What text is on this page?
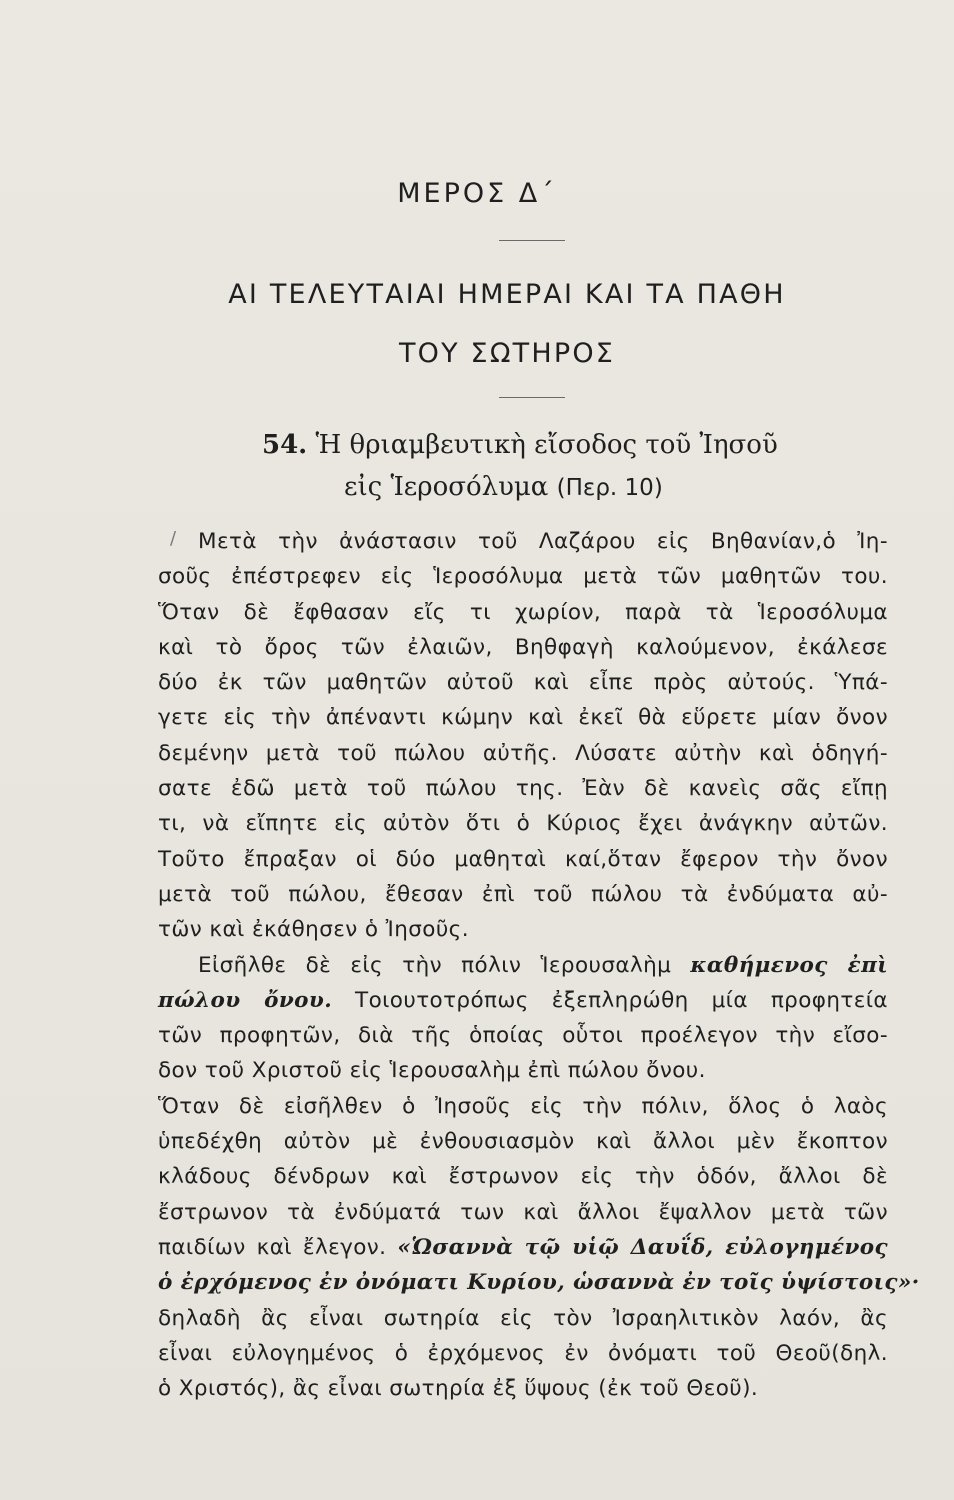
ΜΕΡΟΣ Δ΄
ΑΙ ΤΕΛΕΥΤΑΙΑΙ ΗΜΕΡΑΙ ΚΑΙ ΤΑ ΠΑΘΗ
ΤΟΥ ΣΩΤΗΡΟΣ
54. Ἡ θριαμβευτικὴ εἴσοδος τοῦ Ἰησοῦ
εἰς Ἱεροσόλυμα (Περ. 10)
/	Μετὰ τὴν ἀνάστασιν τοῦ Λαζάρου εἰς Βηθανίαν,ὁ Ἰη-
σοῦς ἐπέστρεφεν εἰς Ἱεροσόλυμα μετὰ τῶν μαθητῶν του.
Ὅταν δὲ ἔφθασαν εἴς τι χωρίον, παρὰ τὰ Ἱεροσόλυμα
καὶ τὸ ὄρος τῶν ἐλαιῶν, Βηθφαγὴ καλούμενον, ἐκάλεσε
δύο ἐκ τῶν μαθητῶν αὐτοῦ καὶ εἶπε πρὸς αὐτούς. Ὑπά-
γετε εἰς τὴν ἀπέναντι κώμην καὶ ἐκεῖ θὰ εὕρετε μίαν ὄνον
δεμένην μετὰ τοῦ πώλου αὐτῆς. Λύσατε αὐτὴν καὶ ὁδηγή-
σατε ἐδῶ μετὰ τοῦ πώλου της. Ἐὰν δὲ κανεὶς σᾶς εἴπῃ
τι, νὰ εἴπητε εἰς αὐτὸν ὅτι ὁ Κύριος ἔχει ἀνάγκην αὐτῶν.
Τοῦτο ἔπραξαν οἱ δύο μαθηταὶ καί,ὅταν ἔφερον τὴν ὄνον
μετὰ τοῦ πώλου, ἔθεσαν ἐπὶ τοῦ πώλου τὰ ἐνδύματα αὐ-
τῶν καὶ ἐκάθησεν ὁ Ἰησοῦς.
Εἰσῆλθε δὲ εἰς τὴν πόλιν Ἱερουσαλὴμ καθήμενος ἐπὶ
πώλου ὄνου. Τοιουτοτρόπως ἐξεπληρώθη μία προφητεία
τῶν προφητῶν, διὰ τῆς ὁποίας οὗτοι προέλεγον τὴν εἴσο-
δον τοῦ Χριστοῦ εἰς Ἱερουσαλὴμ ἐπὶ πώλου ὄνου.
Ὅταν δὲ εἰσῆλθεν ὁ Ἰησοῦς εἰς τὴν πόλιν, ὅλος ὁ λαὸς
ὑπεδέχθη αὐτὸν μὲ ἐνθουσιασμὸν καὶ ἄλλοι μὲν ἔκοπτον
κλάδους δένδρων καὶ ἔστρωνον εἰς τὴν ὁδόν, ἄλλοι δὲ
ἔστρωνον τὰ ἐνδύματά των καὶ ἄλλοι ἔψαλλον μετὰ τῶν
παιδίων καὶ ἔλεγον. «Ὡσαννὰ τῷ υἱῷ Δαυΐδ, εὐλογημένος
ὁ ἐρχόμενος ἐν ὀνόματι Κυρίου, ὡσαννὰ ἐν τοῖς ὑψίστοις»·
δηλαδὴ ἂς εἶναι σωτηρία εἰς τὸν Ἰσραηλιτικὸν λαόν, ἂς
εἶναι εὐλογημένος ὁ ἐρχόμενος ἐν ὀνόματι τοῦ Θεοῦ(δηλ.
ὁ Χριστός), ἂς εἶναι σωτηρία ἐξ ὕψους (ἐκ τοῦ Θεοῦ).
